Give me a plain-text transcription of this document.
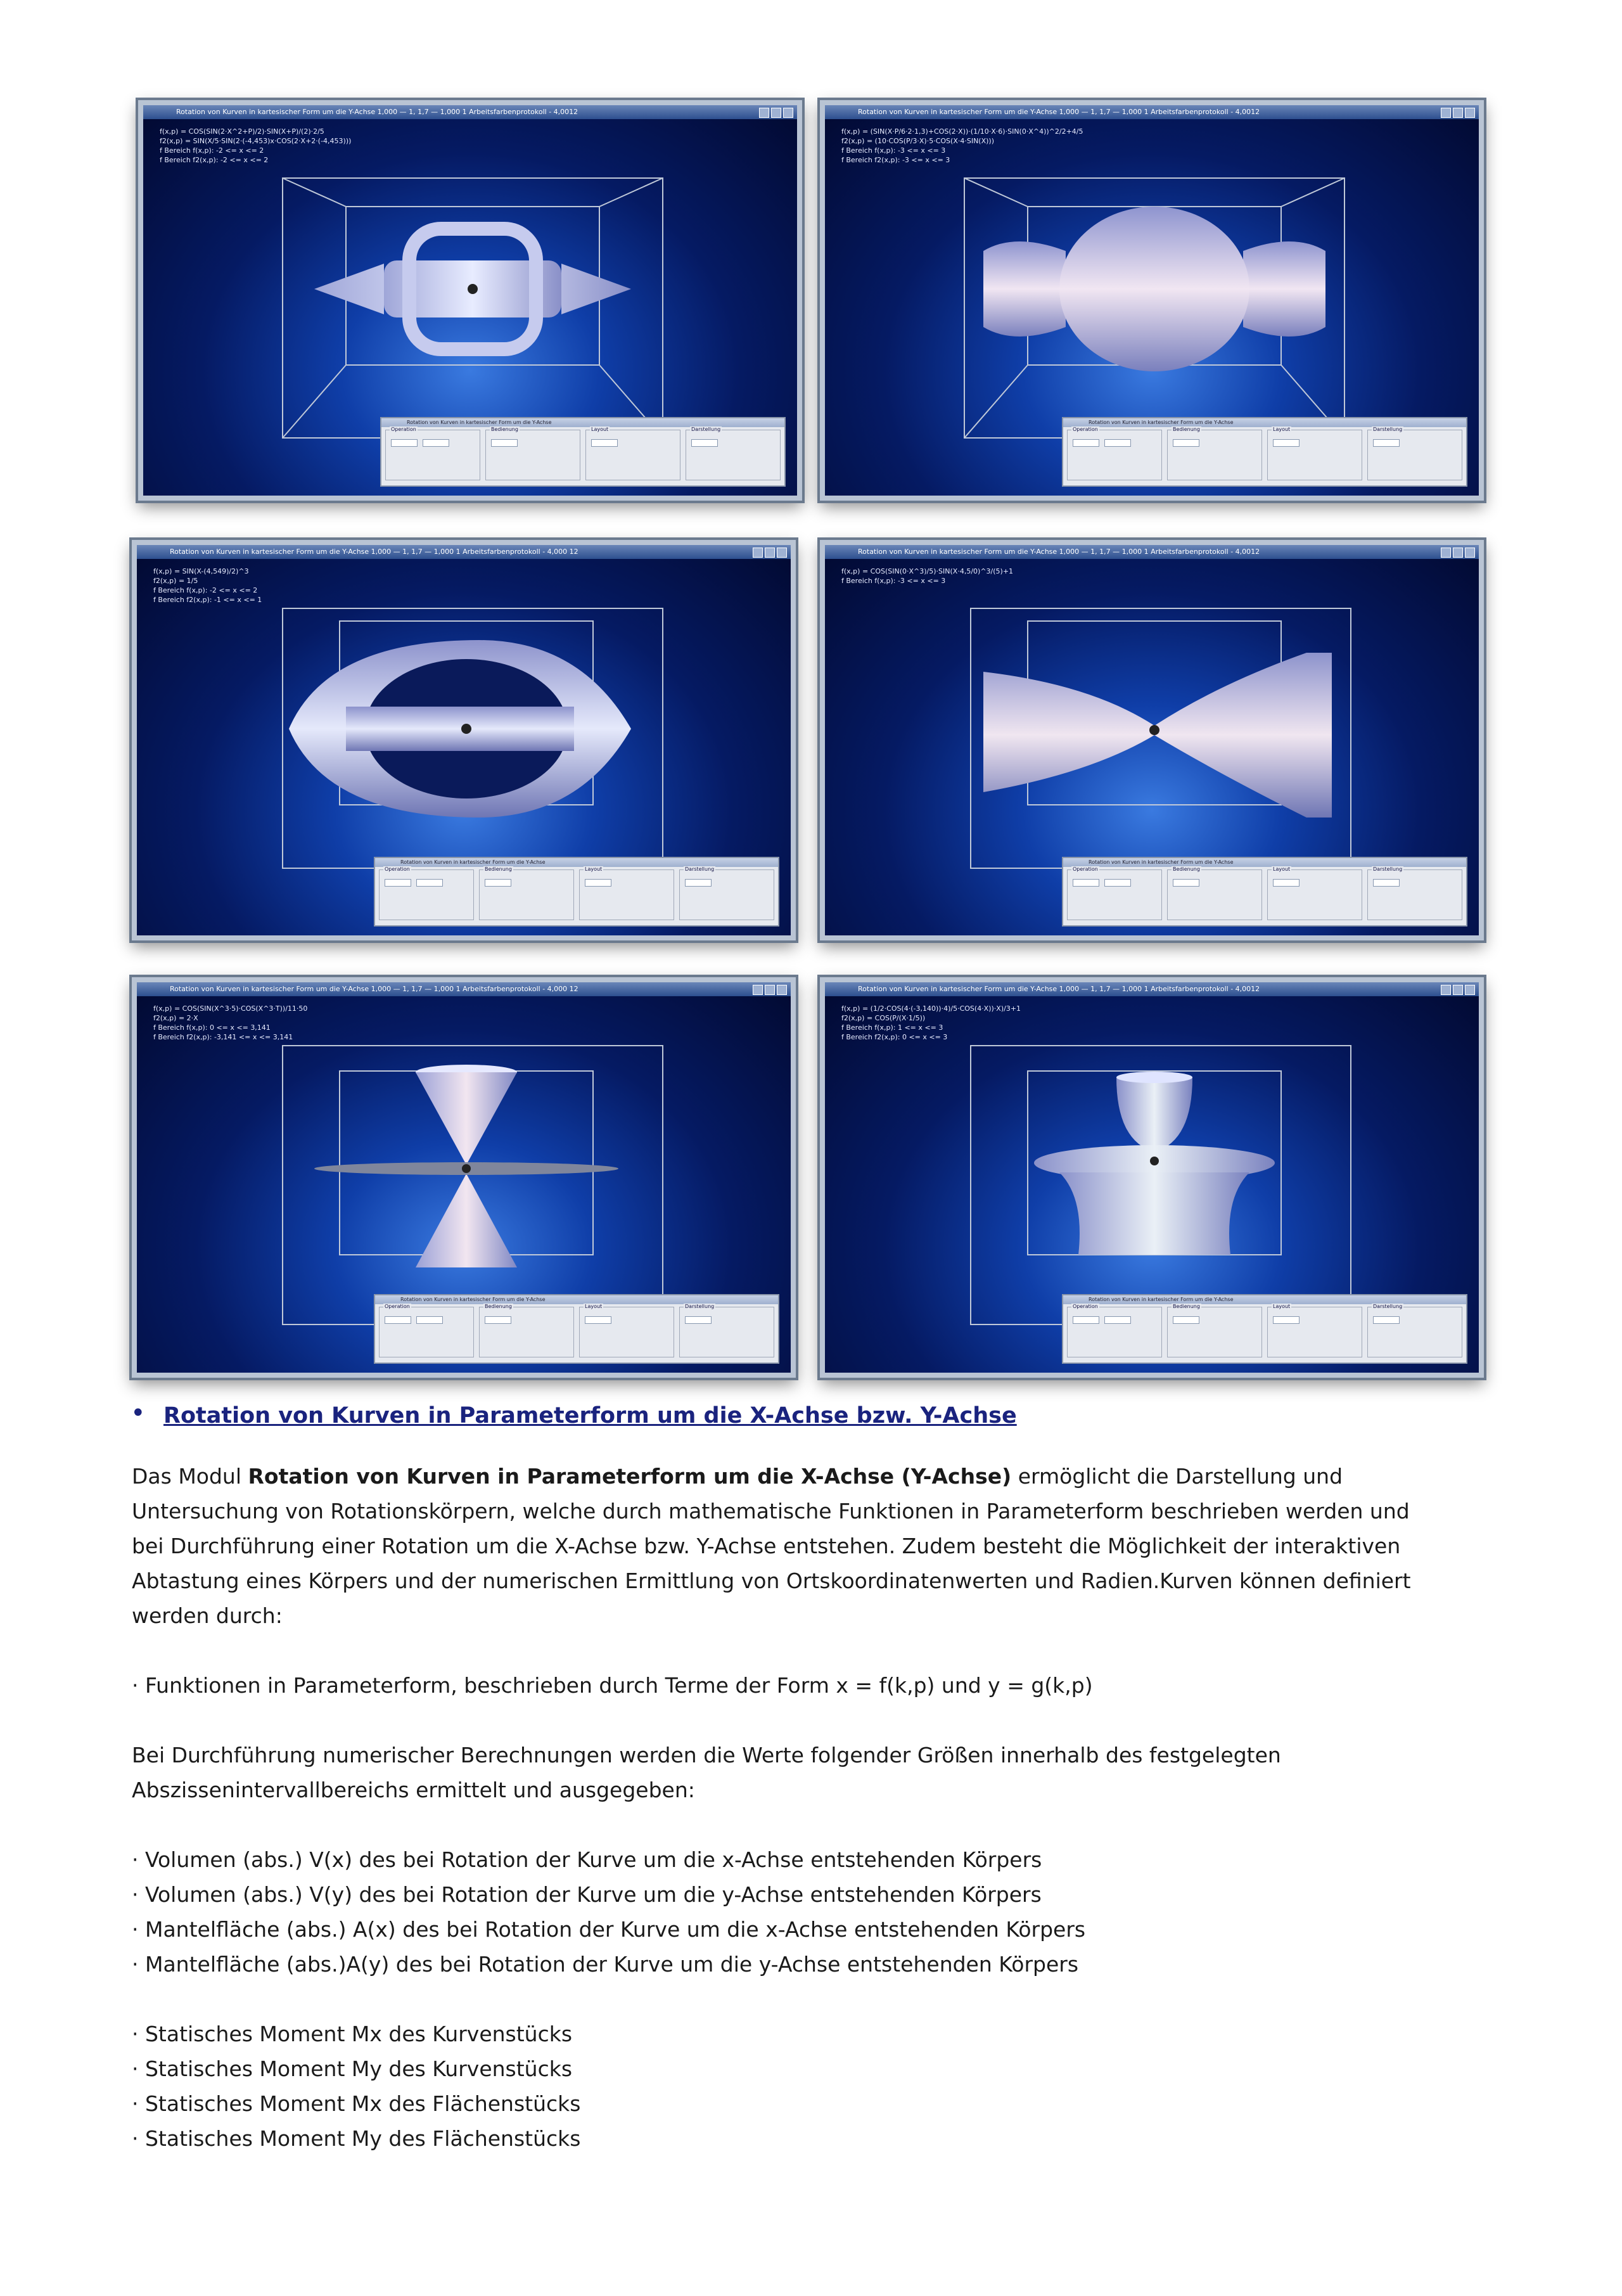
Rotation von Kurven in kartesischer Form um die Y-Achse 1,000 — 1, 1,7 — 1,000 1 Arbeitsfarbenprotokoll - 4,0012
f(x,p) = COS(SIN(2·X^2+P)/2)·SIN(X+P)/(2)·2/5
f2(x,p) = SIN(X/5·SIN(2·(-4,453)x·COS(2·X+2·(-4,453)))
f Bereich f(x,p): -2 <= x <= 2
f Bereich f2(x,p): -2 <= x <= 2
Rotation von Kurven in kartesischer Form um die Y-Achse
Operation	Bedienung	Layout	Darstellung
Rotation von Kurven in kartesischer Form um die Y-Achse 1,000 — 1, 1,7 — 1,000 1 Arbeitsfarbenprotokoll - 4,0012
f(x,p) = (SIN(X·P/6·2·1,3)+COS(2·X))·(1/10·X·6)·SIN(0·X^4))^2/2+4/5
f2(x,p) = (10·COS(P/3·X)·5·COS(X·4·SIN(X)))
f Bereich f(x,p): -3 <= x <= 3
f Bereich f2(x,p): -3 <= x <= 3
Rotation von Kurven in kartesischer Form um die Y-Achse
Operation	Bedienung	Layout	Darstellung
Rotation von Kurven in kartesischer Form um die Y-Achse 1,000 — 1, 1,7 — 1,000 1 Arbeitsfarbenprotokoll - 4,000 12
f(x,p) = SIN(X-(4,549)/2)^3
f2(x,p) = 1/5
f Bereich f(x,p): -2 <= x <= 2
f Bereich f2(x,p): -1 <= x <= 1
Rotation von Kurven in kartesischer Form um die Y-Achse
Operation	Bedienung	Layout	Darstellung
Rotation von Kurven in kartesischer Form um die Y-Achse 1,000 — 1, 1,7 — 1,000 1 Arbeitsfarbenprotokoll - 4,0012
f(x,p) = COS(SIN(0·X^3)/5)·SIN(X·4,5/0)^3/(5)+1
f Bereich f(x,p): -3 <= x <= 3
Rotation von Kurven in kartesischer Form um die Y-Achse
Operation	Bedienung	Layout	Darstellung
Rotation von Kurven in kartesischer Form um die Y-Achse 1,000 — 1, 1,7 — 1,000 1 Arbeitsfarbenprotokoll - 4,000 12
f(x,p) = COS(SIN(X^3·5)·COS(X^3·T))/11·50
f2(x,p) = 2·X
f Bereich f(x,p): 0 <= x <= 3,141
f Bereich f2(x,p): -3,141 <= x <= 3,141
Rotation von Kurven in kartesischer Form um die Y-Achse
Operation	Bedienung	Layout	Darstellung
Rotation von Kurven in kartesischer Form um die Y-Achse 1,000 — 1, 1,7 — 1,000 1 Arbeitsfarbenprotokoll - 4,0012
f(x,p) = (1/2·COS(4·(-3,140))·4)/5·COS(4·X))·X)/3+1
f2(x,p) = COS(P/(X·1/5))
f Bereich f(x,p): 1 <= x <= 3
f Bereich f2(x,p): 0 <= x <= 3
Rotation von Kurven in kartesischer Form um die Y-Achse
Operation	Bedienung	Layout	Darstellung
• Rotation von Kurven in Parameterform um die X-Achse bzw. Y-Achse
Das Modul Rotation von Kurven in Parameterform um die X-Achse (Y-Achse) ermöglicht die Darstellung und
Untersuchung von Rotationskörpern, welche durch mathematische Funktionen in Parameterform beschrieben werden und
bei Durchführung einer Rotation um die X-Achse bzw. Y-Achse entstehen. Zudem besteht die Möglichkeit der interaktiven
Abtastung eines Körpers und der numerischen Ermittlung von Ortskoordinatenwerten und Radien.Kurven können definiert
werden durch:
· Funktionen in Parameterform, beschrieben durch Terme der Form x = f(k,p) und y = g(k,p)
Bei Durchführung numerischer Berechnungen werden die Werte folgender Größen innerhalb des festgelegten
Abszissenintervallbereichs ermittelt und ausgegeben:
· Volumen (abs.) V(x) des bei Rotation der Kurve um die x-Achse entstehenden Körpers
· Volumen (abs.) V(y) des bei Rotation der Kurve um die y-Achse entstehenden Körpers
· Mantelfläche (abs.) A(x) des bei Rotation der Kurve um die x-Achse entstehenden Körpers
· Mantelfläche (abs.)A(y) des bei Rotation der Kurve um die y-Achse entstehenden Körpers
· Statisches Moment Mx des Kurvenstücks
· Statisches Moment My des Kurvenstücks
· Statisches Moment Mx des Flächenstücks
· Statisches Moment My des Flächenstücks
